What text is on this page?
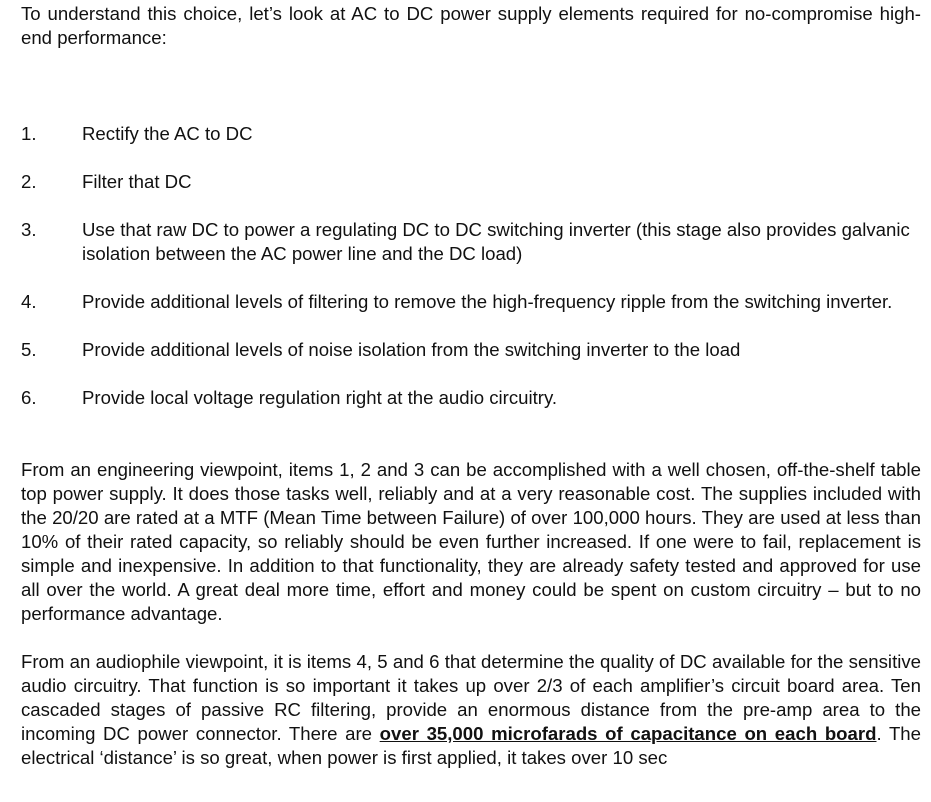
To understand this choice, let’s look at AC to DC power supply elements required for no-compromise high-end performance:

1. Rectify the AC to DC
2. Filter that DC
3. Use that raw DC to power a regulating DC to DC switching inverter (this stage also provides galvanic isolation between the AC power line and the DC load)
4. Provide additional levels of filtering to remove the high-frequency ripple from the switching inverter.
5. Provide additional levels of noise isolation from the switching inverter to the load
6. Provide local voltage regulation right at the audio circuitry.

From an engineering viewpoint, items 1, 2 and 3 can be accomplished with a well chosen, off-the-shelf table top power supply. It does those tasks well, reliably and at a very reasonable cost. The supplies included with the 20/20 are rated at a MTF (Mean Time between Failure) of over 100,000 hours. They are used at less than 10% of their rated capacity, so reliably should be even further increased. If one were to fail, replacement is simple and inexpensive. In addition to that functionality, they are already safety tested and approved for use all over the world. A great deal more time, effort and money could be spent on custom circuitry – but to no performance advantage.

From an audiophile viewpoint, it is items 4, 5 and 6 that determine the quality of DC available for the sensitive audio circuitry. That function is so important it takes up over 2/3 of each amplifier’s circuit board area. Ten cascaded stages of passive RC filtering, provide an enormous distance from the pre-amp area to the incoming DC power connector. There are over 35,000 microfarads of capacitance on each board. The electrical ‘distance’ is so great, when power is first applied, it takes over 10 sec
